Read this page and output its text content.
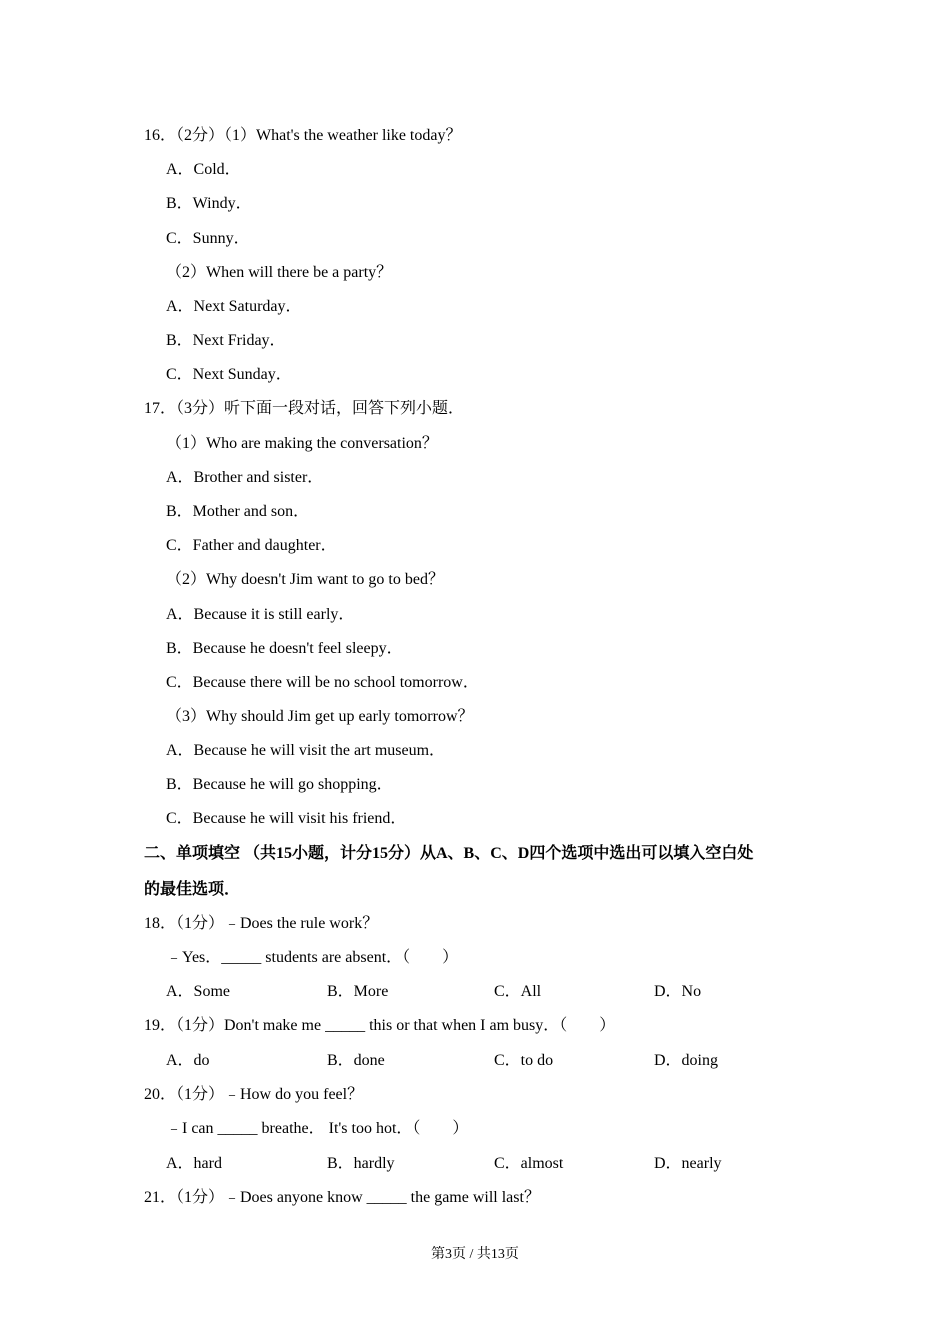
16．（2分）（1）What's the weather like today？
A．Cold．
B．Windy．
C．Sunny．
（2）When will there be a party？
A．Next Saturday．
B．Next Friday．
C．Next Sunday．
17．（3分）听下面一段对话，回答下列小题．
（1）Who are making the conversation？
A．Brother and sister．
B．Mother and son．
C．Father and daughter．
（2）Why doesn't Jim want to go to bed？
A．Because it is still early．
B．Because he doesn't feel sleepy．
C．Because there will be no school tomorrow．
（3）Why should Jim get up early tomorrow？
A．Because he will visit the art museum．
B．Because he will go shopping．
C．Because he will visit his friend．
二、单项填空 （共15小题，计分15分）从A、B、C、D四个选项中选出可以填入空白处
的最佳选项．
18．（1分）﹣Does the rule work？
﹣Yes．_____ students are absent．（　　）
A．Some	B．More	C．All	D．No
19．（1分）Don't make me _____ this or that when I am busy．（　　）
A．do	B．done	C．to do	D．doing
20．（1分）﹣How do you feel？
﹣I can _____ breathe． It's too hot．（　　）
A．hard	B．hardly	C．almost	D．nearly
21．（1分）﹣Does anyone know _____ the game will last？
第3页 / 共13页
